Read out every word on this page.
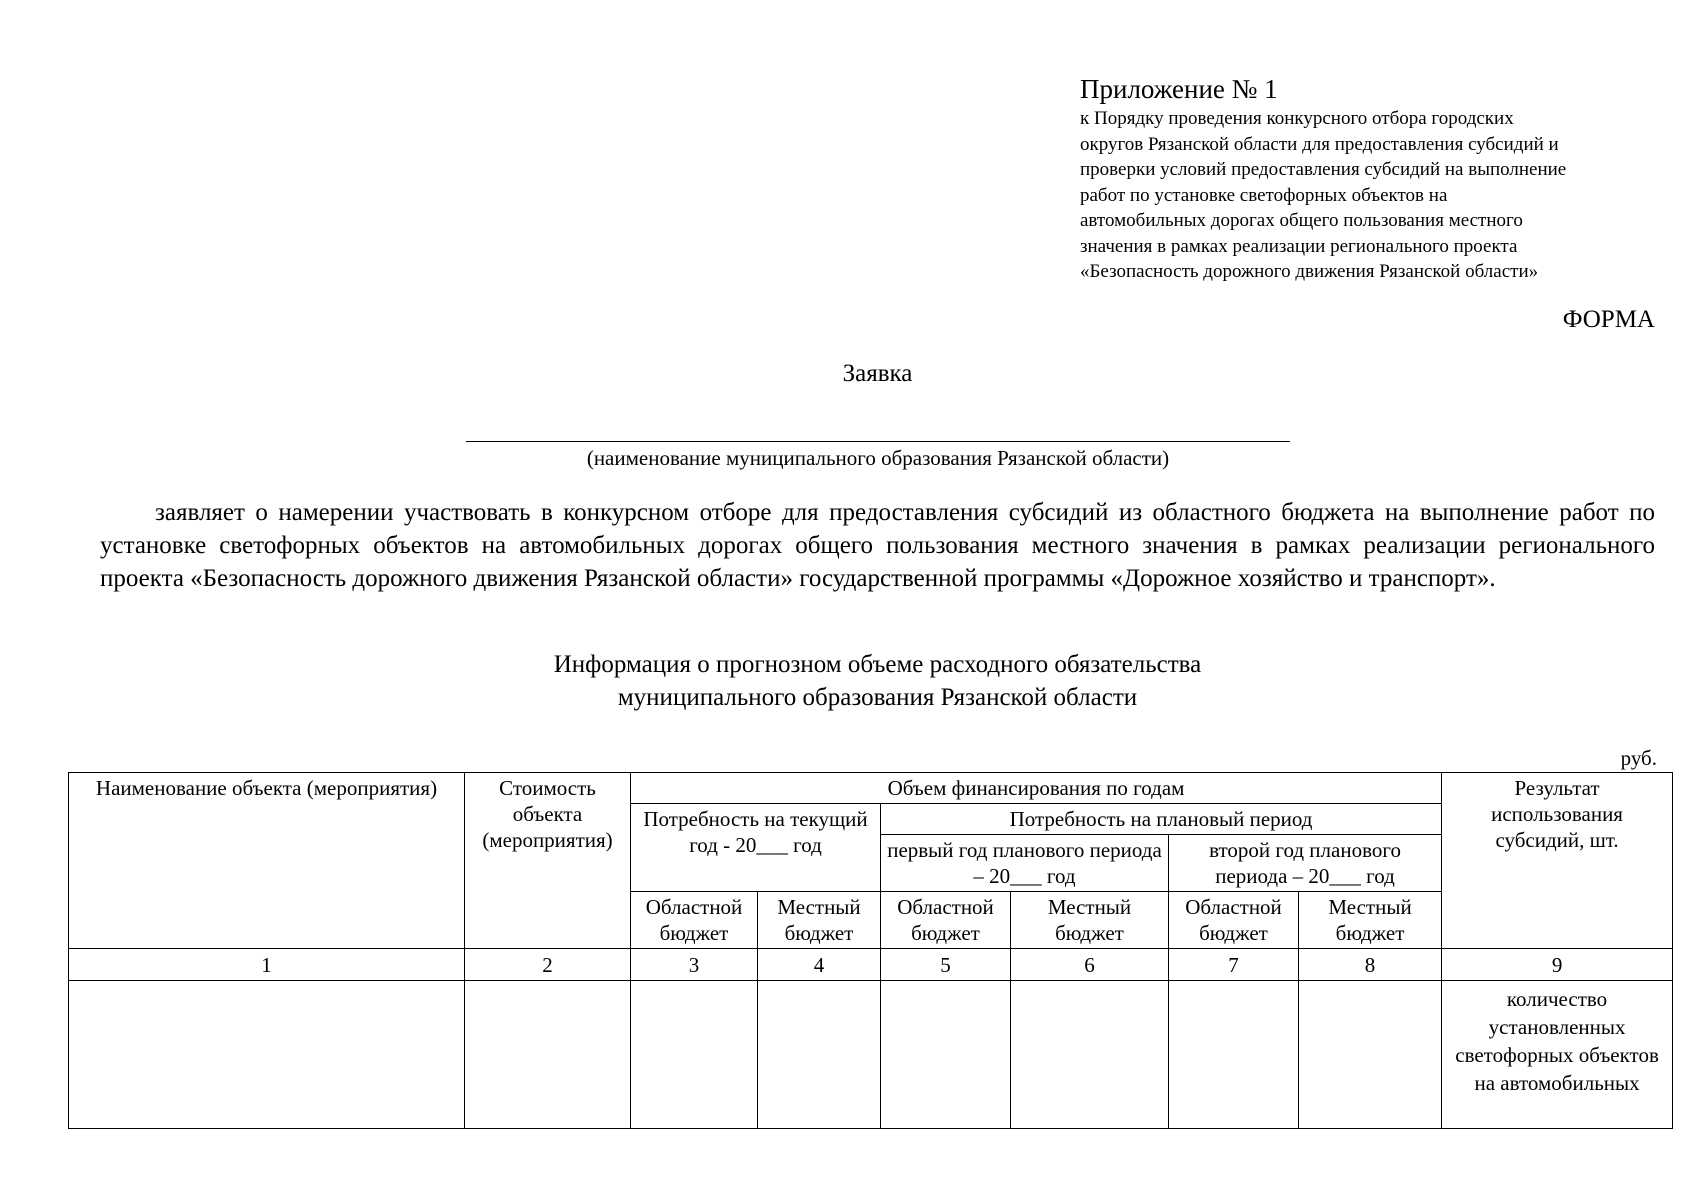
Приложение № 1

к Порядку проведения конкурсного отбора городских
округов Рязанской области для предоставления субсидий и
проверки условий предоставления субсидий на выполнение
работ по установке светофорных объектов на
автомобильных дорогах общего пользования местного
значения в рамках реализации регионального проекта
«Безопасность дорожного движения Рязанской области»

ФОРМА
Заявка
(наименование муниципального образования Рязанской области)

заявляет о намерении участвовать в конкурсном отборе для предоставления субсидий из областного бюджета на выполнение работ по установке светофорных объектов на автомобильных дорогах общего пользования местного значения в рамках реализации регионального проекта «Безопасность дорожного движения Рязанской области» государственной программы «Дорожное хозяйство и транспорт».

Информация о прогнозном объеме расходного обязательства
муниципального образования Рязанской области
руб.
Наименование объекта (мероприятия)	Стоимость объекта (мероприятия)	Объем финансирования по годам						Результат использования субсидий, шт.
		Потребность на текущий год - 20___ год		Потребность на плановый период				
				первый год планового периода – 20___ год		второй год планового периода – 20___ год		
		Областной бюджет	Местный бюджет	Областной бюджет	Местный бюджет	Областной бюджет	Местный бюджет	
1	2	3	4	5	6	7	8	9
								количество установленных светофорных объектов на автомобильных
